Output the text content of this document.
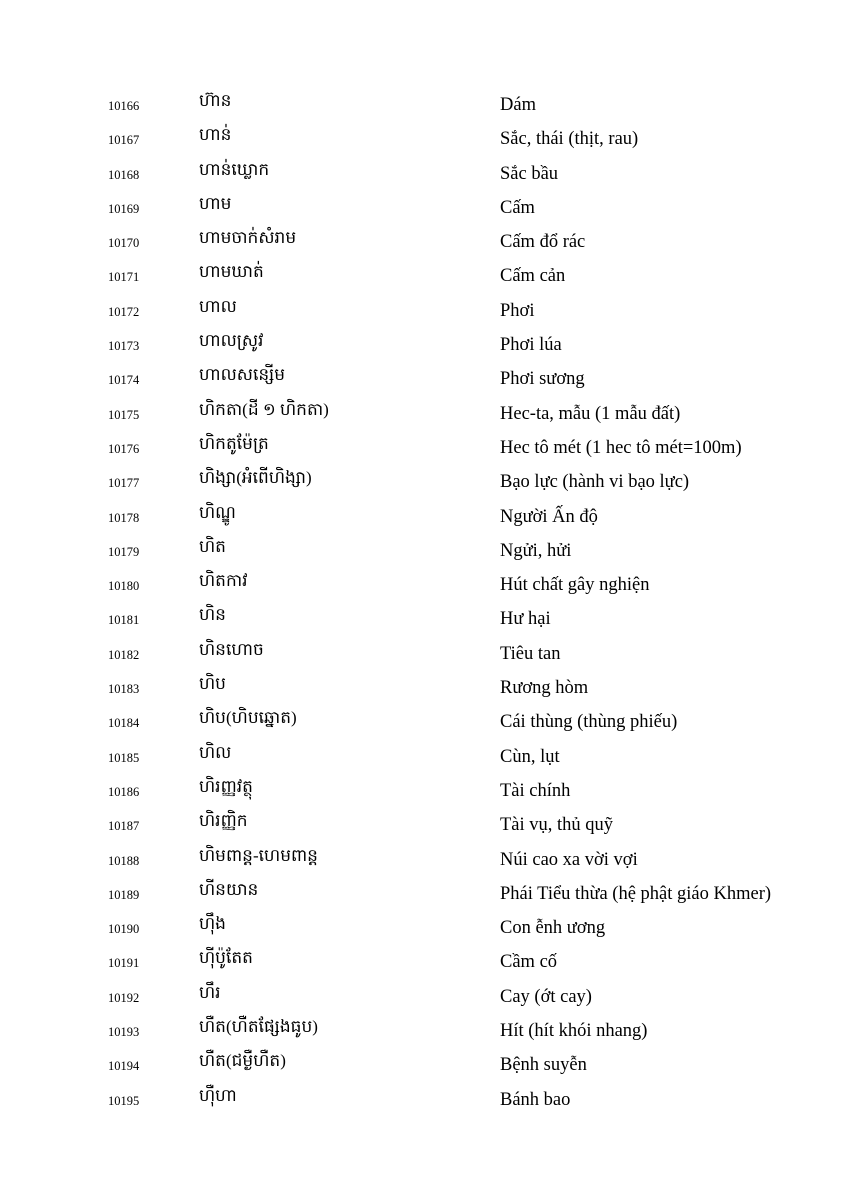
10166	ហ៊ាន	Dám
10167	ហាន់	Sắc, thái (thịt, rau)
10168	ហាន់ឃ្លោក	Sắc bầu
10169	ហាម	Cấm
10170	ហាមចាក់សំរាម	Cấm đổ rác
10171	ហាមឃាត់	Cấm cản
10172	ហាល	Phơi
10173	ហាលស្រូវ	Phơi lúa
10174	ហាលសន្សើម	Phơi sương
10175	ហិកតា(ដី ១ ហិកតា)	Hec-ta, mẫu (1 mẫu đất)
10176	ហិកតូម៉ែត្រ	Hec tô mét (1 hec tô mét=100m)
10177	ហិង្សា(អំពើហិង្សា)	Bạo lực (hành vi bạo lực)
10178	ហិណ្ឌូ	Người Ấn độ
10179	ហិត	Ngửi, hửi
10180	ហិតកាវ	Hút chất gây nghiện
10181	ហិន	Hư hại
10182	ហិនហោច	Tiêu tan
10183	ហិប	Rương hòm
10184	ហិប(ហិបឆ្នោត)	Cái thùng (thùng phiếu)
10185	ហិល	Cùn, lụt
10186	ហិរញ្ញវត្ថុ	Tài chính
10187	ហិរញ្ញិក	Tài vụ, thủ quỹ
10188	ហិមពាន្ត-ហេមពាន្ត	Núi cao xa vời vợi
10189	ហីនយាន	Phái Tiểu thừa (hệ phật giáo Khmer)
10190	ហ៊ឹង	Con ễnh ương
10191	ហ៊ីប៉ូតែត	Cầm cố
10192	ហឹរ	Cay (ớt cay)
10193	ហឺត(ហឺតផ្សែងធូប)	Hít (hít khói nhang)
10194	ហឺត(ជម្ងឺហឺត)	Bệnh suyễn
10195	ហ៊ឺហា	Bánh bao
